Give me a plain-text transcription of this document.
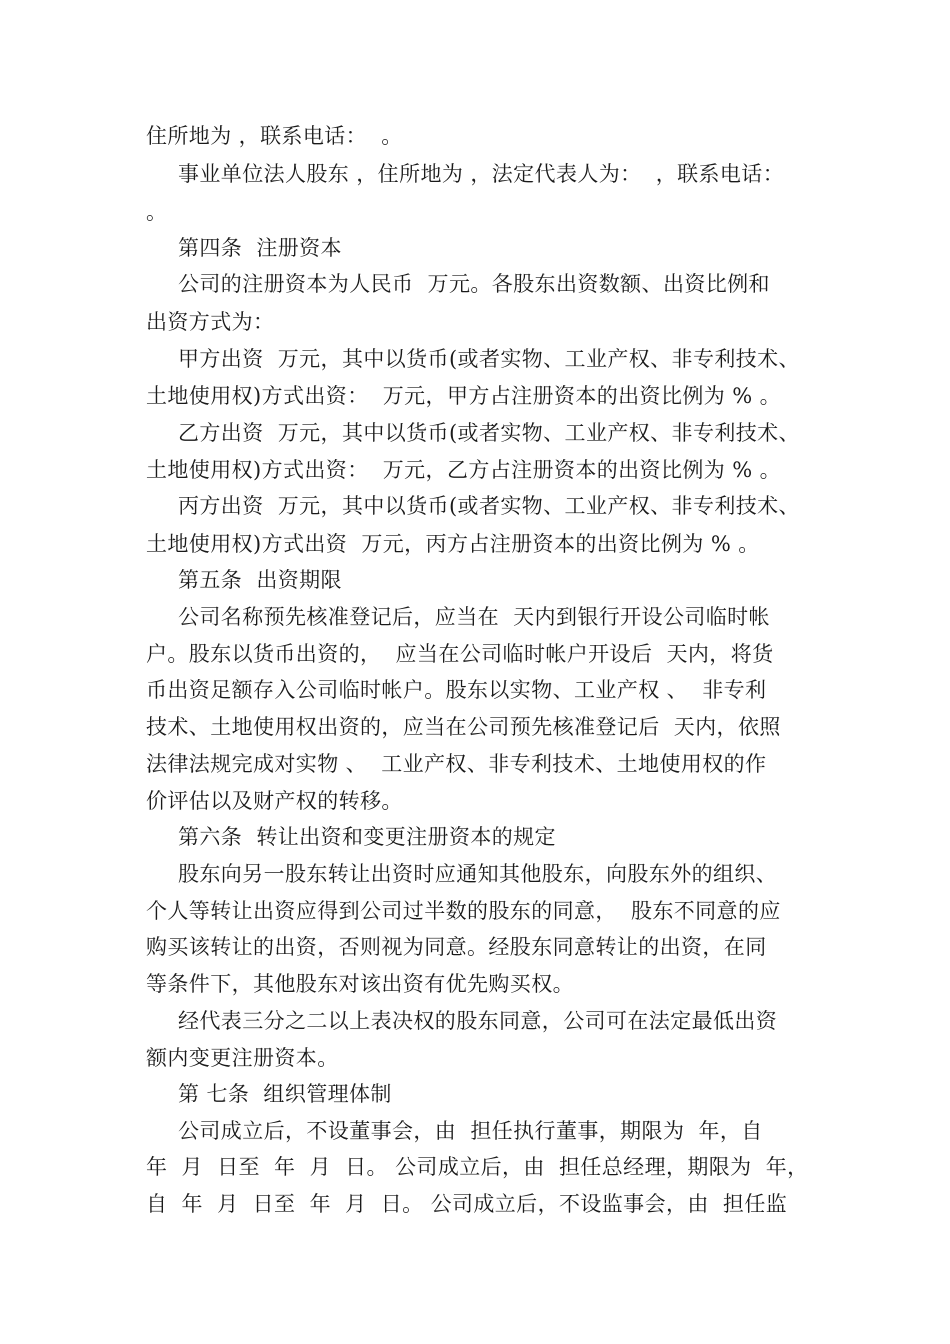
住所地为 ，联系电话：  。
事业单位法人股东 ，住所地为 ，法定代表人为：  ，联系电话：
。
第四条  注册资本
公司的注册资本为人民币  万元。各股东出资数额、出资比例和
出资方式为：
甲方出资  万元，其中以货币(或者实物、工业产权、非专利技术、
土地使用权)方式出资：  万元，甲方占注册资本的出资比例为 % 。
乙方出资  万元，其中以货币(或者实物、工业产权、非专利技术、
土地使用权)方式出资：  万元，乙方占注册资本的出资比例为 % 。
丙方出资  万元，其中以货币(或者实物、工业产权、非专利技术、
土地使用权)方式出资  万元，丙方占注册资本的出资比例为 % 。
第五条  出资期限
公司名称预先核准登记后，应当在  天内到银行开设公司临时帐
户。股东以货币出资的，  应当在公司临时帐户开设后  天内，将货
币出资足额存入公司临时帐户。股东以实物、工业产权 、  非专利
技术、土地使用权出资的，应当在公司预先核准登记后  天内，依照
法律法规完成对实物 、  工业产权、非专利技术、土地使用权的作
价评估以及财产权的转移。
第六条  转让出资和变更注册资本的规定
股东向另一股东转让出资时应通知其他股东，向股东外的组织、
个人等转让出资应得到公司过半数的股东的同意，  股东不同意的应
购买该转让的出资，否则视为同意。经股东同意转让的出资，在同
等条件下，其他股东对该出资有优先购买权。
经代表三分之二以上表决权的股东同意，公司可在法定最低出资
额内变更注册资本。
第 七条  组织管理体制
公司成立后，不设董事会，由  担任执行董事，期限为  年，自
年  月  日至  年  月  日。 公司成立后，由  担任总经理，期限为  年，
自  年  月  日至  年  月  日。 公司成立后，不设监事会，由  担任监
